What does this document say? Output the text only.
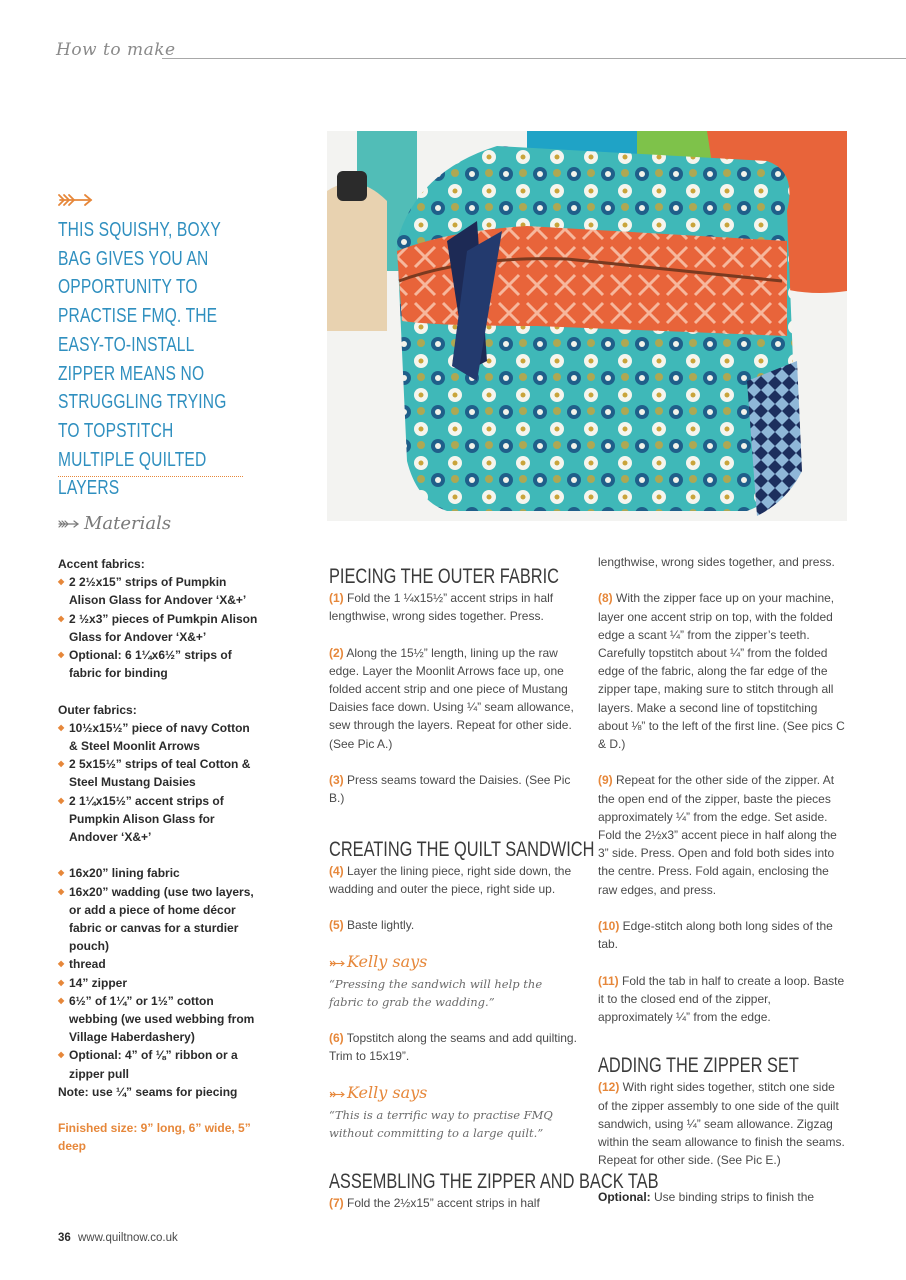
How to make
THIS SQUISHY, BOXY BAG GIVES YOU AN OPPORTUNITY TO PRACTISE FMQ. THE EASY-TO-INSTALL ZIPPER MEANS NO STRUGGLING TRYING TO TOPSTITCH MULTIPLE QUILTED LAYERS
Materials
Accent fabrics:
◆ 2 2½x15” strips of Pumpkin Alison Glass for Andover ‘X&+’
◆ 2 ½x3” pieces of Pumkpin Alison Glass for Andover ‘X&+’
◆ Optional: 6 1¼x6½” strips of fabric for binding
Outer fabrics:
◆ 10½x15½” piece of navy Cotton & Steel Moonlit Arrows
◆ 2 5x15½” strips of teal Cotton & Steel Mustang Daisies
◆ 2 1¼x15½” accent strips of Pumpkin Alison Glass for Andover ‘X&+’
◆ 16x20” lining fabric
◆ 16x20” wadding (use two layers, or add a piece of home décor fabric or canvas for a sturdier pouch)
◆ thread
◆ 14” zipper
◆ 6½” of 1¼” or 1½” cotton webbing (we used webbing from Village Haberdashery)
◆ Optional: 4” of ⅛” ribbon or a zipper pull
Note: use ¼” seams for piecing
Finished size: 9” long, 6” wide, 5” deep
PIECING THE OUTER FABRIC

(1) Fold the 1 ¼x15½” accent strips in half lengthwise, wrong sides together. Press.

(2) Along the 15½” length, lining up the raw edge. Layer the Moonlit Arrows face up, one folded accent strip and one piece of Mustang Daisies face down. Using ¼” seam allowance, sew through the layers. Repeat for other side. (See Pic A.)

(3) Press seams toward the Daisies. (See Pic B.)

CREATING THE QUILT SANDWICH

(4) Layer the lining piece, right side down, the wadding and outer the piece, right side up.

(5) Baste lightly.

Kelly says

“Pressing the sandwich will help the fabric to grab the wadding.”

(6) Topstitch along the seams and add quilting. Trim to 15x19”.

Kelly says

“This is a terrific way to practise FMQ without committing to a large quilt.”

ASSEMBLING THE ZIPPER AND BACK TAB

(7) Fold the 2½x15” accent strips in half

lengthwise, wrong sides together, and press.

(8) With the zipper face up on your machine, layer one accent strip on top, with the folded edge a scant ¼” from the zipper’s teeth. Carefully topstitch about ¼” from the folded edge of the fabric, along the far edge of the zipper tape, making sure to stitch through all layers. Make a second line of topstitching about ⅛” to the left of the first line. (See pics C & D.)

(9) Repeat for the other side of the zipper. At the open end of the zipper, baste the pieces approximately ¼” from the edge. Set aside. Fold the 2½x3” accent piece in half along the 3” side. Press. Open and fold both sides into the centre. Press. Fold again, enclosing the raw edges, and press.

(10) Edge-stitch along both long sides of the tab.

(11) Fold the tab in half to create a loop. Baste it to the closed end of the zipper, approximately ¼” from the edge.

ADDING THE ZIPPER SET

(12) With right sides together, stitch one side of the zipper assembly to one side of the quilt sandwich, using ¼” seam allowance. Zigzag within the seam allowance to finish the seams. Repeat for other side. (See Pic E.)

Optional: Use binding strips to finish the

36 www.quiltnow.co.uk
